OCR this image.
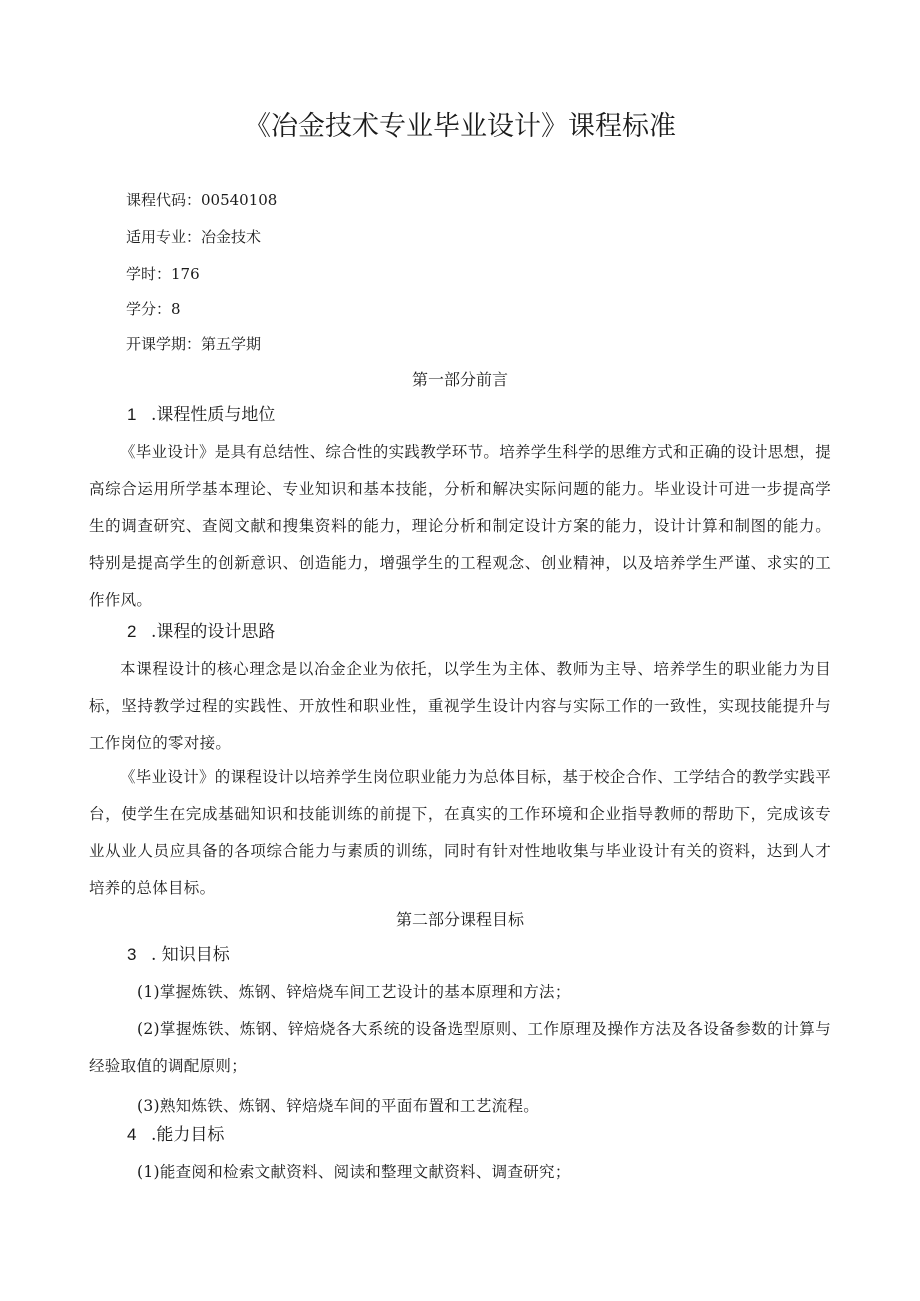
《冶金技术专业毕业设计》课程标准
课程代码：00540108
适用专业：冶金技术
学时：176
学分：8
开课学期：第五学期
第一部分前言
1 .课程性质与地位
《毕业设计》是具有总结性、综合性的实践教学环节。培养学生科学的思维方式和正确的设计思想，提高综合运用所学基本理论、专业知识和基本技能，分析和解决实际问题的能力。毕业设计可进一步提高学生的调查研究、查阅文献和搜集资料的能力，理论分析和制定设计方案的能力，设计计算和制图的能力。特别是提高学生的创新意识、创造能力，增强学生的工程观念、创业精神，以及培养学生严谨、求实的工作作风。
2 .课程的设计思路
本课程设计的核心理念是以冶金企业为依托，以学生为主体、教师为主导、培养学生的职业能力为目标，坚持教学过程的实践性、开放性和职业性，重视学生设计内容与实际工作的一致性，实现技能提升与工作岗位的零对接。
《毕业设计》的课程设计以培养学生岗位职业能力为总体目标，基于校企合作、工学结合的教学实践平台，使学生在完成基础知识和技能训练的前提下，在真实的工作环境和企业指导教师的帮助下，完成该专业从业人员应具备的各项综合能力与素质的训练，同时有针对性地收集与毕业设计有关的资料，达到人才培养的总体目标。
第二部分课程目标
3 . 知识目标
(1)掌握炼铁、炼钢、锌焙烧车间工艺设计的基本原理和方法；
(2)掌握炼铁、炼钢、锌焙烧各大系统的设备选型原则、工作原理及操作方法及各设备参数的计算与经验取值的调配原则；
(3)熟知炼铁、炼钢、锌焙烧车间的平面布置和工艺流程。
4 .能力目标
(1)能查阅和检索文献资料、阅读和整理文献资料、调查研究；
